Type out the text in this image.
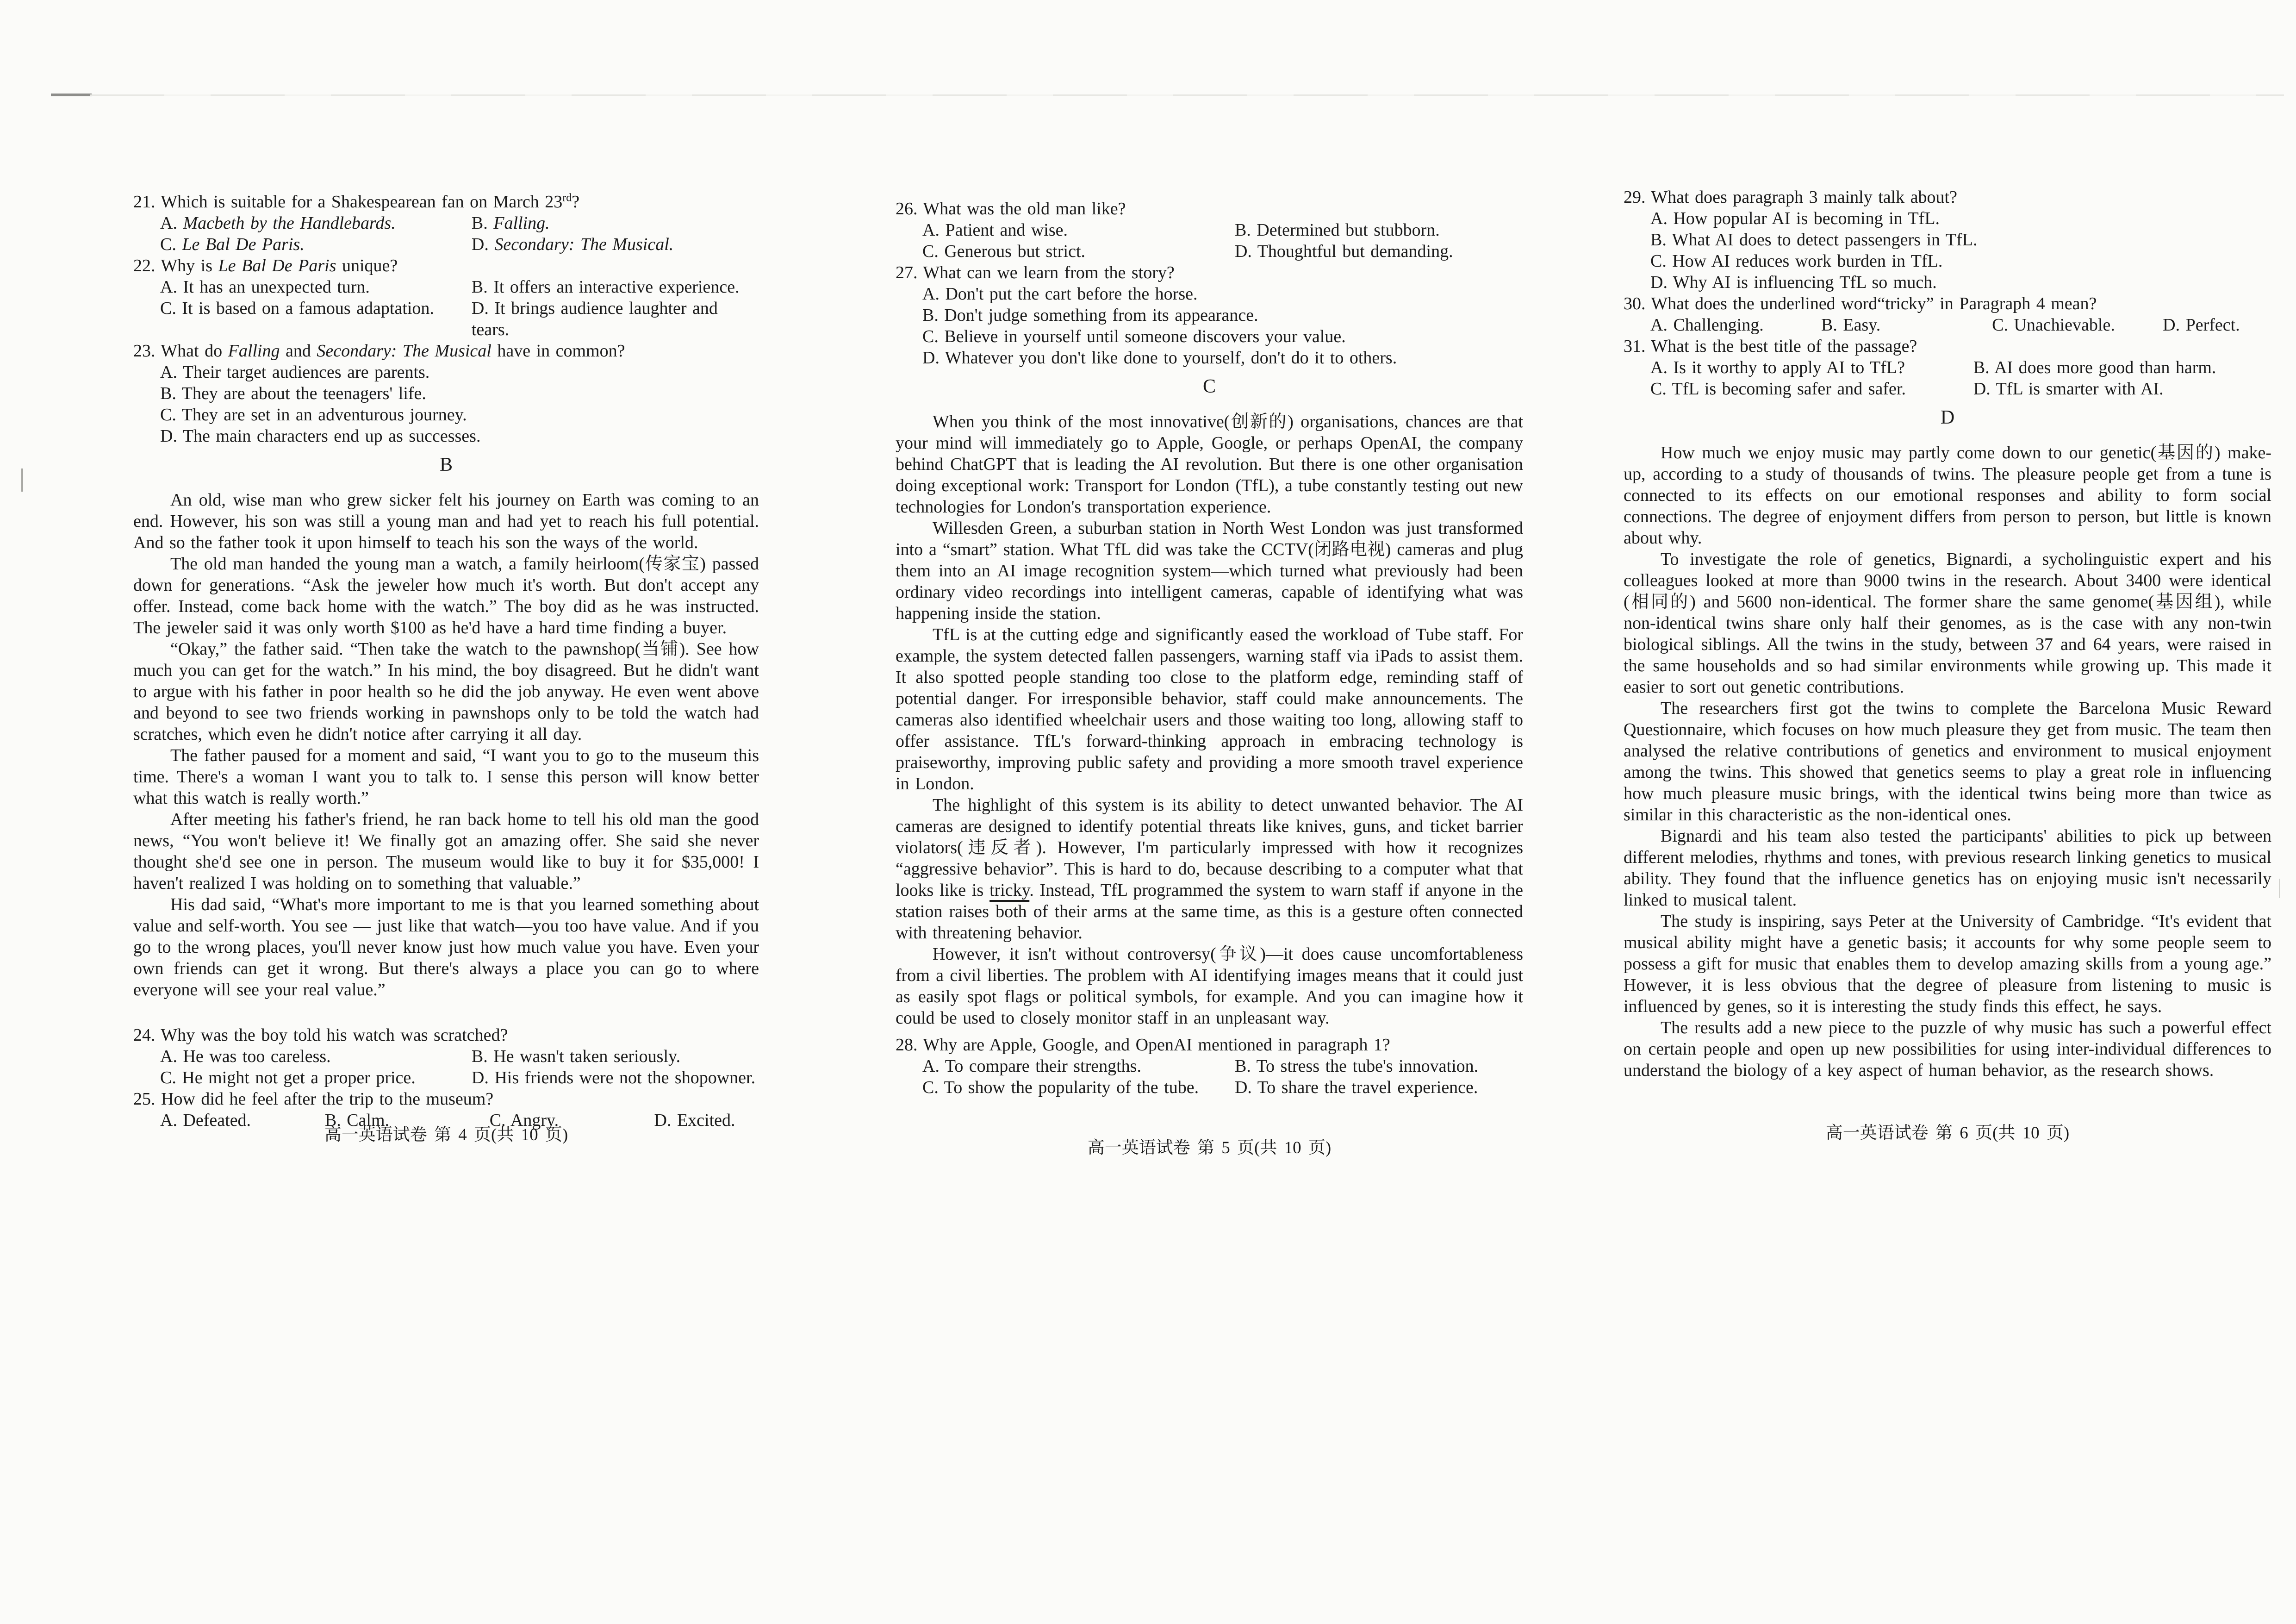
21. Which is suitable for a Shakespearean fan on March 23rd?
A. Macbeth by the Handlebards.	B. Falling.
C. Le Bal De Paris.	D. Secondary: The Musical.
22. Why is Le Bal De Paris unique?
A. It has an unexpected turn.	B. It offers an interactive experience.
C. It is based on a famous adaptation.	D. It brings audience laughter and tears.
23. What do Falling and Secondary: The Musical have in common?
A. Their target audiences are parents.
B. They are about the teenagers' life.
C. They are set in an adventurous journey.
D. The main characters end up as successes.
B

An old, wise man who grew sicker felt his journey on Earth was coming to an end. However, his son was still a young man and had yet to reach his full potential. And so the father took it upon himself to teach his son the ways of the world.

The old man handed the young man a watch, a family heirloom(传家宝) passed down for generations. “Ask the jeweler how much it's worth. But don't accept any offer. Instead, come back home with the watch.” The boy did as he was instructed. The jeweler said it was only worth $100 as he'd have a hard time finding a buyer.

“Okay,” the father said. “Then take the watch to the pawnshop(当铺). See how much you can get for the watch.” In his mind, the boy disagreed. But he didn't want to argue with his father in poor health so he did the job anyway. He even went above and beyond to see two friends working in pawnshops only to be told the watch had scratches, which even he didn't notice after carrying it all day.

The father paused for a moment and said, “I want you to go to the museum this time. There's a woman I want you to talk to. I sense this person will know better what this watch is really worth.”

After meeting his father's friend, he ran back home to tell his old man the good news, “You won't believe it! We finally got an amazing offer. She said she never thought she'd see one in person. The museum would like to buy it for $35,000! I haven't realized I was holding on to something that valuable.”

His dad said, “What's more important to me is that you learned something about value and self-worth. You see — just like that watch—you too have value. And if you go to the wrong places, you'll never know just how much value you have. Even your own friends can get it wrong. But there's always a place you can go to where everyone will see your real value.”

24. Why was the boy told his watch was scratched?
A. He was too careless.	B. He wasn't taken seriously.
C. He might not get a proper price.	D. His friends were not the shopowner.
25. How did he feel after the trip to the museum?
A. Defeated.	B. Calm.	C. Angry.	D. Excited.
高一英语试卷 第 4 页(共 10 页)
26. What was the old man like?
A. Patient and wise.	B. Determined but stubborn.
C. Generous but strict.	D. Thoughtful but demanding.
27. What can we learn from the story?
A. Don't put the cart before the horse.
B. Don't judge something from its appearance.
C. Believe in yourself until someone discovers your value.
D. Whatever you don't like done to yourself, don't do it to others.
C

When you think of the most innovative(创新的) organisations, chances are that your mind will immediately go to Apple, Google, or perhaps OpenAI, the company behind ChatGPT that is leading the AI revolution. But there is one other organisation doing exceptional work: Transport for London (TfL), a tube constantly testing out new technologies for London's transportation experience.

Willesden Green, a suburban station in North West London was just transformed into a “smart” station. What TfL did was take the CCTV(闭路电视) cameras and plug them into an AI image recognition system—which turned what previously had been ordinary video recordings into intelligent cameras, capable of identifying what was happening inside the station.

TfL is at the cutting edge and significantly eased the workload of Tube staff. For example, the system detected fallen passengers, warning staff via iPads to assist them. It also spotted people standing too close to the platform edge, reminding staff of potential danger. For irresponsible behavior, staff could make announcements. The cameras also identified wheelchair users and those waiting too long, allowing staff to offer assistance. TfL's forward-thinking approach in embracing technology is praiseworthy, improving public safety and providing a more smooth travel experience in London.

The highlight of this system is its ability to detect unwanted behavior. The AI cameras are designed to identify potential threats like knives, guns, and ticket barrier violators(违反者). However, I'm particularly impressed with how it recognizes “aggressive behavior”. This is hard to do, because describing to a computer what that looks like is tricky. Instead, TfL programmed the system to warn staff if anyone in the station raises both of their arms at the same time, as this is a gesture often connected with threatening behavior.

However, it isn't without controversy(争议)—it does cause uncomfortableness from a civil liberties. The problem with AI identifying images means that it could just as easily spot flags or political symbols, for example. And you can imagine how it could be used to closely monitor staff in an unpleasant way.

28. Why are Apple, Google, and OpenAI mentioned in paragraph 1?
A. To compare their strengths.	B. To stress the tube's innovation.
C. To show the popularity of the tube.	D. To share the travel experience.
高一英语试卷 第 5 页(共 10 页)
29. What does paragraph 3 mainly talk about?
A. How popular AI is becoming in TfL.
B. What AI does to detect passengers in TfL.
C. How AI reduces work burden in TfL.
D. Why AI is influencing TfL so much.
30. What does the underlined word“tricky” in Paragraph 4 mean?
A. Challenging.	B. Easy.	C. Unachievable.	D. Perfect.
31. What is the best title of the passage?
A. Is it worthy to apply AI to TfL?	B. AI does more good than harm.
C. TfL is becoming safer and safer.	D. TfL is smarter with AI.
D

How much we enjoy music may partly come down to our genetic(基因的) make-up, according to a study of thousands of twins. The pleasure people get from a tune is connected to its effects on our emotional responses and ability to form social connections. The degree of enjoyment differs from person to person, but little is known about why.

To investigate the role of genetics, Bignardi, a sycholinguistic expert and his colleagues looked at more than 9000 twins in the research. About 3400 were identical (相同的) and 5600 non-identical. The former share the same genome(基因组), while non-identical twins share only half their genomes, as is the case with any non-twin biological siblings. All the twins in the study, between 37 and 64 years, were raised in the same households and so had similar environments while growing up. This made it easier to sort out genetic contributions.

The researchers first got the twins to complete the Barcelona Music Reward Questionnaire, which focuses on how much pleasure they get from music. The team then analysed the relative contributions of genetics and environment to musical enjoyment among the twins. This showed that genetics seems to play a great role in influencing how much pleasure music brings, with the identical twins being more than twice as similar in this characteristic as the non-identical ones.

Bignardi and his team also tested the participants' abilities to pick up between different melodies, rhythms and tones, with previous research linking genetics to musical ability. They found that the influence genetics has on enjoying music isn't necessarily linked to musical talent.

The study is inspiring, says Peter at the University of Cambridge. “It's evident that musical ability might have a genetic basis; it accounts for why some people seem to possess a gift for music that enables them to develop amazing skills from a young age.” However, it is less obvious that the degree of pleasure from listening to music is influenced by genes, so it is interesting the study finds this effect, he says.

The results add a new piece to the puzzle of why music has such a powerful effect on certain people and open up new possibilities for using inter-individual differences to understand the biology of a key aspect of human behavior, as the research shows.

高一英语试卷 第 6 页(共 10 页)
